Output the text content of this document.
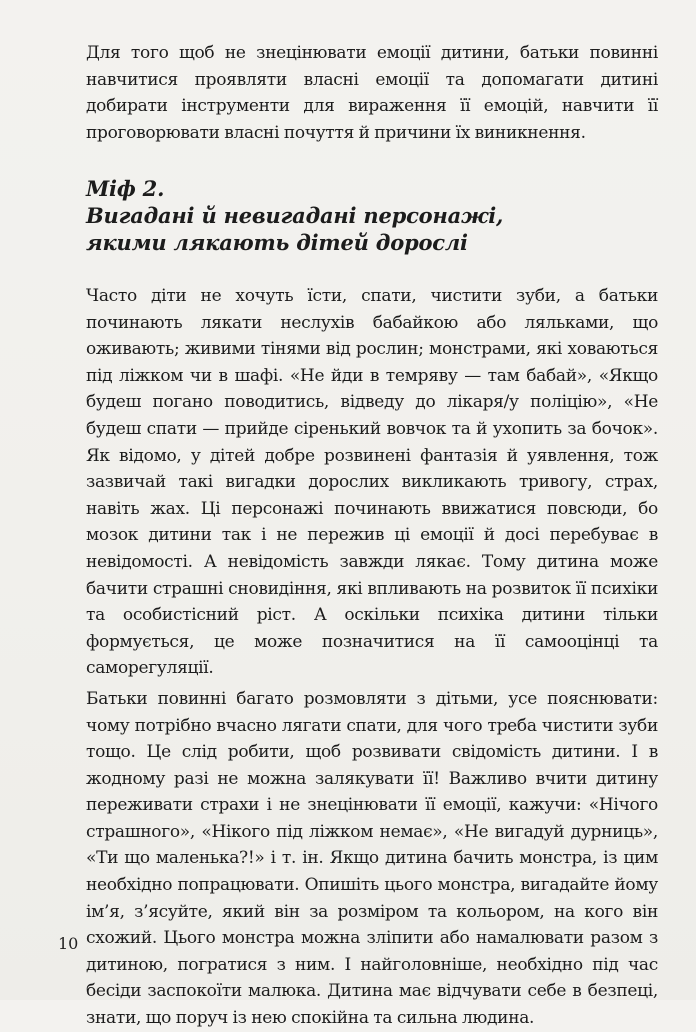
Для того щоб не знецінювати емоції дитини, батьки повинні навчитися проявляти власні емоції та допомагати дитині добирати інструменти для вираження її емоцій, навчити її проговорювати власні почуття й причини їх виникнення.

Міф 2.

Вигадані й невигадані персонажі,

якими лякають дітей дорослі

Часто діти не хочуть їсти, спати, чистити зуби, а батьки починають лякати неслухів бабайкою або ляльками, що оживають; живими тінями від рослин; монстрами, які ховаються під ліжком чи в шафі. «Не йди в темряву — там бабай», «Якщо будеш погано поводитись, відведу до лікаря/у поліцію», «Не будеш спати — прийде сіренький вовчок та й ухопить за бочок». Як відомо, у дітей добре розвинені фантазія й уявлення, тож зазвичай такі вигадки дорослих викликають тривогу, страх, навіть жах. Ці персонажі починають ввижатися повсюди, бо мозок дитини так і не пережив ці емоції й досі перебуває в невідомості. А невідомість завжди лякає. Тому дитина може бачити страшні сновидіння, які впливають на розвиток її психіки та особистісний ріст. А оскільки психіка дитини тільки формується, це може позначитися на її самооцінці та саморегуляції.

Батьки повинні багато розмовляти з дітьми, усе пояснювати: чому потрібно вчасно лягати спати, для чого треба чистити зуби тощо. Це слід робити, щоб розвивати свідомість дитини. І в жодному разі не можна залякувати її! Важливо вчити дитину переживати страхи і не знецінювати її емоції, кажучи: «Нічого страшного», «Нікого під ліжком немає», «Не вигадуй дурниць», «Ти що маленька?!» і т. ін. Якщо дитина бачить монстра, із цим необхідно попрацювати. Опишіть цього монстра, вигадайте йому ім’я, з’ясуйте, який він за розміром та кольором, на кого він схожий. Цього монстра можна зліпити або намалювати разом з дитиною, погратися з ним. І найголовніше, необхідно під час бесіди заспокоїти малюка. Дитина має відчувати себе в безпеці, знати, що поруч із нею спокійна та сильна людина.

10
